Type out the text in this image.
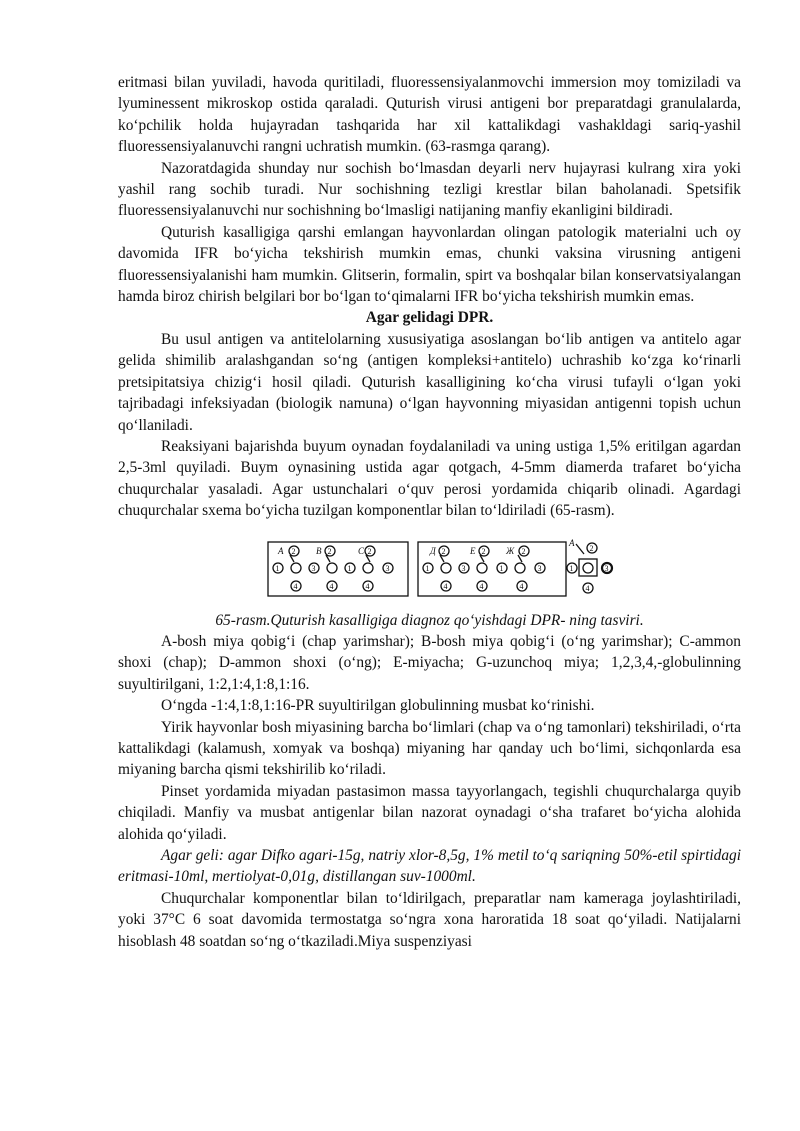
eritmasi bilan yuviladi, havoda quritiladi, fluoressensiyalanmovchi immersion moy tomiziladi va lyuminessent mikroskop ostida qaraladi. Quturish virusi antigeni bor preparatdagi granulalarda, ko‘pchilik holda hujayradan tashqarida har xil kattalikdagi vashakldagi sariq-yashil fluoressensiyalanuvchi rangni uchratish mumkin. (63-rasmga qarang).

Nazoratdagida shunday nur sochish bo‘lmasdan deyarli nerv hujayrasi kulrang xira yoki yashil rang sochib turadi. Nur sochishning tezligi krestlar bilan baholanadi. Spetsifik fluoressensiyalanuvchi nur sochishning bo‘lmasligi natijaning manfiy ekanligini bildiradi.

Quturish kasalligiga qarshi emlangan hayvonlardan olingan patologik materialni uch oy davomida IFR bo‘yicha tekshirish mumkin emas, chunki vaksina virusning antigeni fluoressensiyalanishi ham mumkin. Glitserin, formalin, spirt va boshqalar bilan konservatsiyalangan hamda biroz chirish belgilari bor bo‘lgan to‘qimalarni IFR bo‘yicha tekshirish mumkin emas.

Agar gelidagi DPR.

Bu usul antigen va antitelolarning xususiyatiga asoslangan bo‘lib antigen va antitelo agar gelida shimilib aralashgandan so‘ng (antigen kompleksi+antitelo) uchrashib ko‘zga ko‘rinarli pretsipitatsiya chizig‘i hosil qiladi. Quturish kasalligining ko‘cha virusi tufayli o‘lgan yoki tajribadagi infeksiyadan (biologik namuna) o‘lgan hayvonning miyasidan antigenni topish uchun qo‘llaniladi.

Reaksiyani bajarishda buyum oynadan foydalaniladi va uning ustiga 1,5% eritilgan agardan 2,5-3ml quyiladi. Buym oynasining ustida agar qotgach, 4-5mm diamerda trafaret bo‘yicha chuqurchalar yasaladi. Agar ustunchalari o‘quv perosi yordamida chiqarib olinadi. Agardagi chuqurchalar sxema bo‘yicha tuzilgan komponentlar bilan to‘ldiriladi (65-rasm).

А 2 В 2	С 2
1	3	1	3
4	4	4
Д 2	Е 2 Ж 2
1	3	1	3
4	4	4
A
2
1	3
4

65-rasm.Quturish kasalligiga diagnoz qo‘yishdagi DPR- ning tasviri.

A-bosh miya qobig‘i (chap yarimshar); B-bosh miya qobig‘i (o‘ng yarimshar); C-ammon shoxi (chap); D-ammon shoxi (o‘ng); E-miyacha; G-uzunchoq miya; 1,2,3,4,-globulinning suyultirilgani, 1:2,1:4,1:8,1:16.

O‘ngda -1:4,1:8,1:16-PR suyultirilgan globulinning musbat ko‘rinishi.

Yirik hayvonlar bosh miyasining barcha bo‘limlari (chap va o‘ng tamonlari) tekshiriladi, o‘rta kattalikdagi (kalamush, xomyak va boshqa) miyaning har qanday uch bo‘limi, sichqonlarda esa miyaning barcha qismi tekshirilib ko‘riladi.

Pinset yordamida miyadan pastasimon massa tayyorlangach, tegishli chuqurchalarga quyib chiqiladi. Manfiy va musbat antigenlar bilan nazorat oynadagi o‘sha trafaret bo‘yicha alohida alohida qo‘yiladi.

Agar geli: agar Difko agari-15g, natriy xlor-8,5g, 1% metil to‘q sariqning 50%-etil spirtidagi eritmasi-10ml, mertiolyat-0,01g, distillangan suv-1000ml.

Chuqurchalar komponentlar bilan to‘ldirilgach, preparatlar nam kameraga joylashtiriladi, yoki 37°C 6 soat davomida termostatga so‘ngra xona haroratida 18 soat qo‘yiladi. Natijalarni hisoblash 48 soatdan so‘ng o‘tkaziladi.Miya suspenziyasi
